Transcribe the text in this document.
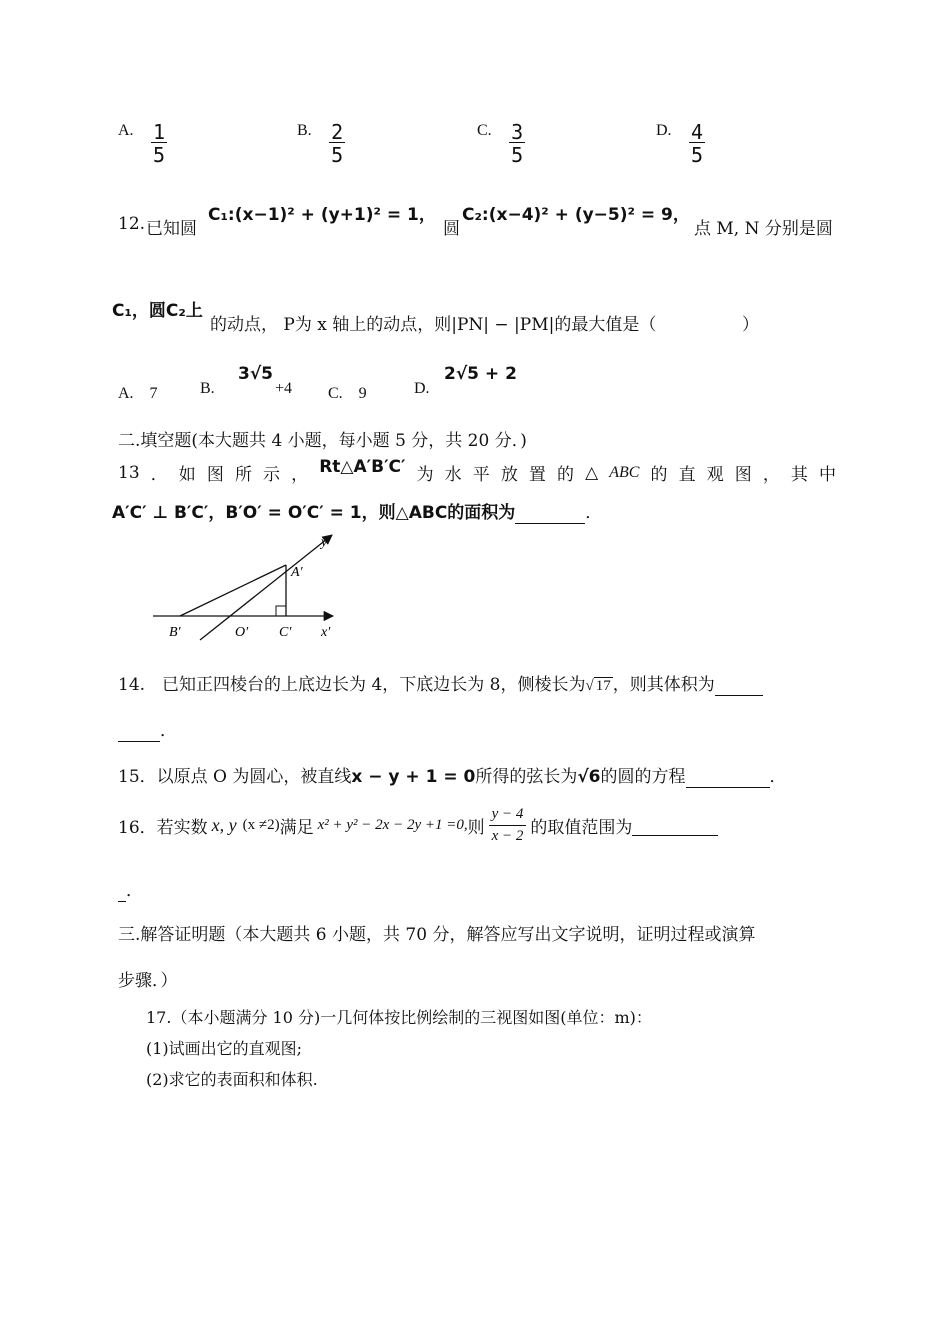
A. $\frac{1}{5}$	B. $\frac{2}{5}$	C. $\frac{3}{5}$	D. $\frac{4}{5}$
12. 已知圆
C₁:(x−1)² + (y+1)² = 1，
圆
C₂:(x−4)² + (y−5)² = 9，
点 M, N 分别是圆
C₁，圆C₂上
的动点， P为 x 轴上的动点，则|PN| − |PM|的最大值是（	）
A.　7	B.
3√5
+4 C.　9	D.
2√5 + 2
二.填空题(本大题共 4 小题，每小题 5 分，共 20 分．)
13 ． 如 图 所 示 ， Rt△A′B′C′ 为 水 平 放 置 的 △ ABC 的 直 观 图 ， 其 中
A′C′ ⊥ B′C′，B′O′ = O′C′ = 1，则△ABC的面积为	．
y′
A′
B′	O′ C′ x′
14.　已知正四棱台的上底边长为 4，下底边长为 8，侧棱长为√ 17 ，则其体积为
．
15．以原点 O 为圆心，被直线x − y + 1 = 0所得的弦长为√6的圆的方程	．
16．若实数 x, y (x ≠2) 满足 x² + y² − 2x − 2y +1 =0, 则 $\frac{y - 4}{x - 2}$ 的取值范围为

．
三.解答证明题（本大题共 6 小题，共 70 分，解答应写出文字说明，证明过程或演算
步骤．）
17.（本小题满分 10 分)一几何体按比例绘制的三视图如图(单位：m)：
(1)试画出它的直观图;
(2)求它的表面积和体积.
